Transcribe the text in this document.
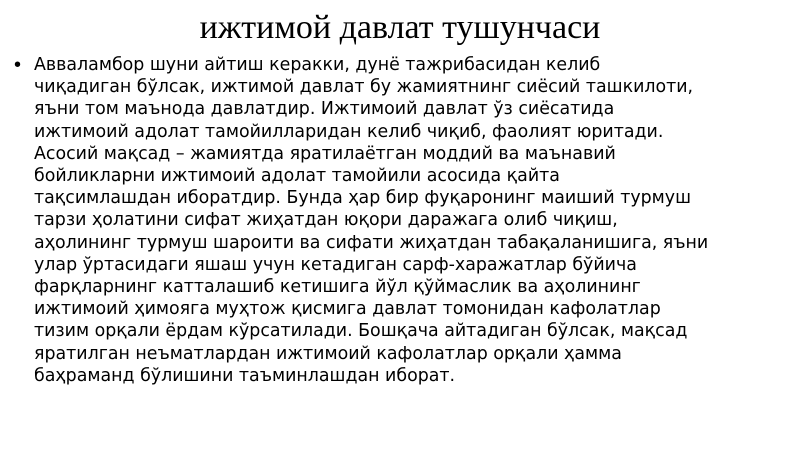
ижтимой давлат тушунчаси
• Авваламбор шуни айтиш керакки, дунё тажрибасидан келиб
чиқадиган бўлсак, ижтимой давлат бу жамиятнинг сиёсий ташкилоти,
яъни том маънода давлатдир. Ижтимоий давлат ўз сиёсатида
ижтимоий адолат тамойилларидан келиб чиқиб, фаолият юритади.
Асосий мақсад – жамиятда яратилаётган моддий ва маънавий
бойликларни ижтимоий адолат тамойили асосида қайта
тақсимлашдан иборатдир. Бунда ҳар бир фуқаронинг маиший турмуш
тарзи ҳолатини сифат жиҳатдан юқори даражага олиб чиқиш,
аҳолининг турмуш шароити ва сифати жиҳатдан табақаланишига, яъни
улар ўртасидаги яшаш учун кетадиган сарф-харажатлар бўйича
фарқларнинг катталашиб кетишига йўл қўймаслик ва аҳолининг
ижтимоий ҳимояга муҳтож қисмига давлат томонидан кафолатлар
тизим орқали ёрдам кўрсатилади. Бошқача айтадиган бўлсак, мақсад
яратилган неъматлардан ижтимоий кафолатлар орқали ҳамма
баҳраманд бўлишини таъминлашдан иборат.
